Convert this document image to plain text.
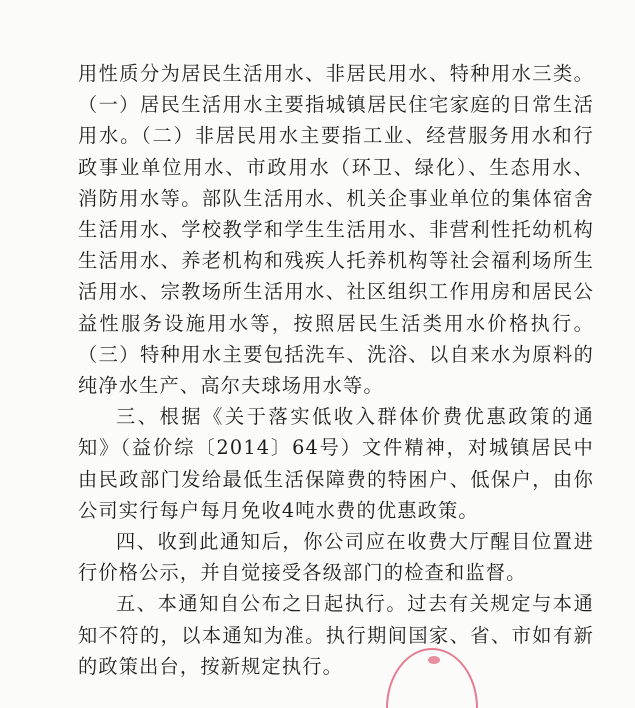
用性质分为居民生活用水、非居民用水、特种用水三类。（一）居民生活用水主要指城镇居民住宅家庭的日常生活用水。（二）非居民用水主要指工业、经营服务用水和行政事业单位用水、市政用水（环卫、绿化）、生态用水、消防用水等。部队生活用水、机关企事业单位的集体宿舍生活用水、学校教学和学生生活用水、非营利性托幼机构生活用水、养老机构和残疾人托养机构等社会福利场所生活用水、宗教场所生活用水、社区组织工作用房和居民公益性服务设施用水等，按照居民生活类用水价格执行。（三）特种用水主要包括洗车、洗浴、以自来水为原料的纯净水生产、高尔夫球场用水等。

三、根据《关于落实低收入群体价费优惠政策的通知》（益价综〔2014〕64号）文件精神，对城镇居民中由民政部门发给最低生活保障费的特困户、低保户，由你公司实行每户每月免收4吨水费的优惠政策。

四、收到此通知后，你公司应在收费大厅醒目位置进行价格公示，并自觉接受各级部门的检查和监督。

五、本通知自公布之日起执行。过去有关规定与本通知不符的，以本通知为准。执行期间国家、省、市如有新的政策出台，按新规定执行。
